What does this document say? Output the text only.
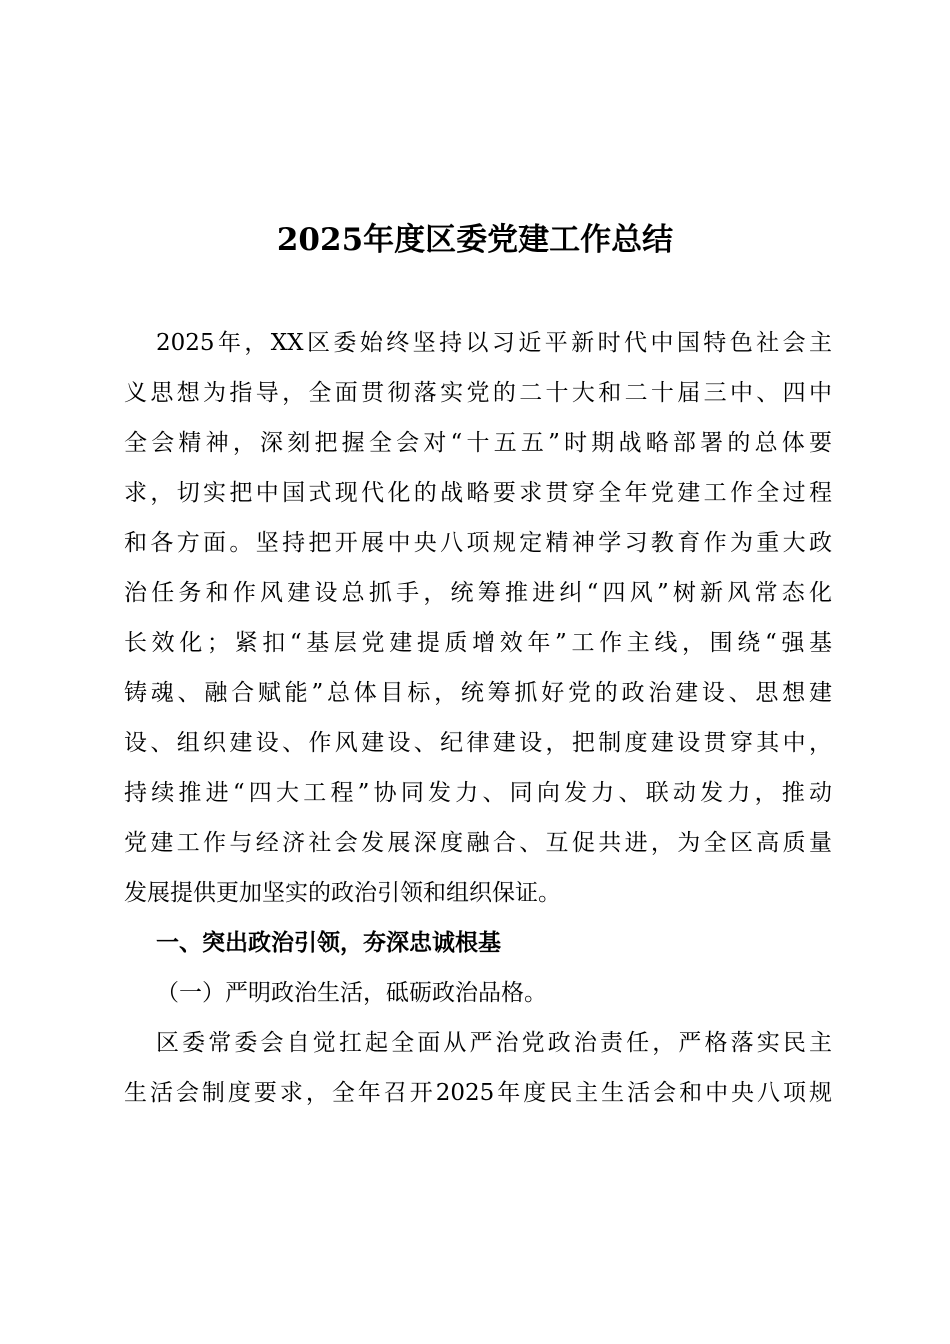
2025年度区委党建工作总结
2025年，XX区委始终坚持以习近平新时代中国特色社会主
义思想为指导，全面贯彻落实党的二十大和二十届三中、四中
全会精神，深刻把握全会对“十五五”时期战略部署的总体要
求，切实把中国式现代化的战略要求贯穿全年党建工作全过程
和各方面。坚持把开展中央八项规定精神学习教育作为重大政
治任务和作风建设总抓手，统筹推进纠“四风”树新风常态化
长效化；紧扣“基层党建提质增效年”工作主线，围绕“强基
铸魂、融合赋能”总体目标，统筹抓好党的政治建设、思想建
设、组织建设、作风建设、纪律建设，把制度建设贯穿其中，
持续推进“四大工程”协同发力、同向发力、联动发力，推动
党建工作与经济社会发展深度融合、互促共进，为全区高质量
发展提供更加坚实的政治引领和组织保证。
一、突出政治引领，夯深忠诚根基
（一）严明政治生活，砥砺政治品格。
区委常委会自觉扛起全面从严治党政治责任，严格落实民主
生活会制度要求，全年召开2025年度民主生活会和中央八项规
